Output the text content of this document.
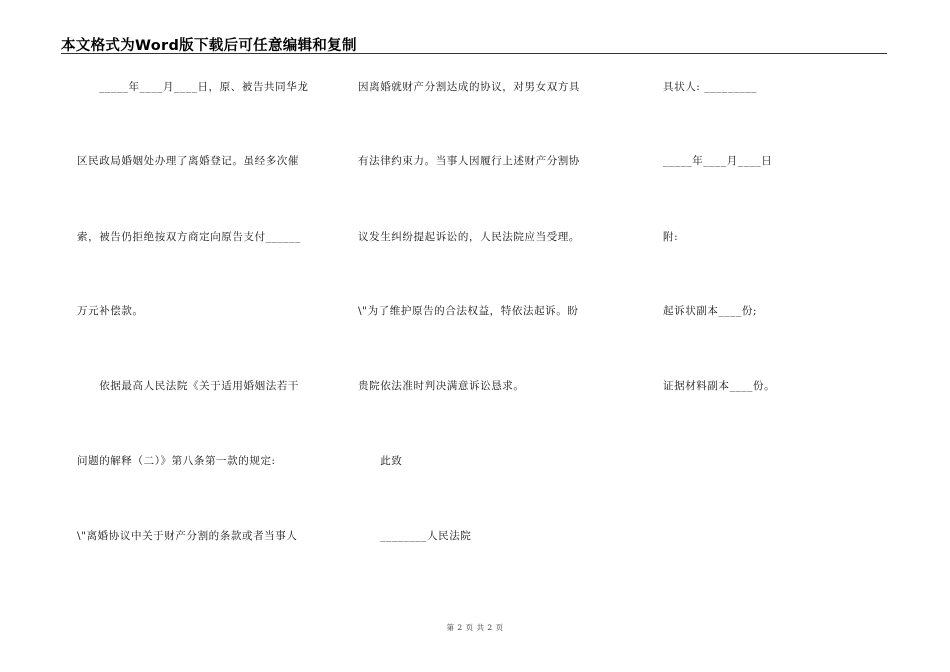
本文格式为Word版下载后可任意编辑和复制
　　_____年____月____日，原、被告共同华龙
区民政局婚姻处办理了离婚登记。虽经多次催
索，被告仍拒绝按双方商定向原告支付______
万元补偿款。
　　依据最高人民法院《关于适用婚姻法若干
问题的解释（二）》第八条第一款的规定:
\"离婚协议中关于财产分割的条款或者当事人
因离婚就财产分割达成的协议，对男女双方具
有法律约束力。当事人因履行上述财产分割协
议发生纠纷提起诉讼的，人民法院应当受理。
\"为了维护原告的合法权益，特依法起诉。盼
贵院依法准时判决满意诉讼恳求。
　　此致
　　________人民法院
具状人: _________
_____年____月____日
附:
起诉状副本____份;
证据材料副本____份。
第 2 页 共 2 页
